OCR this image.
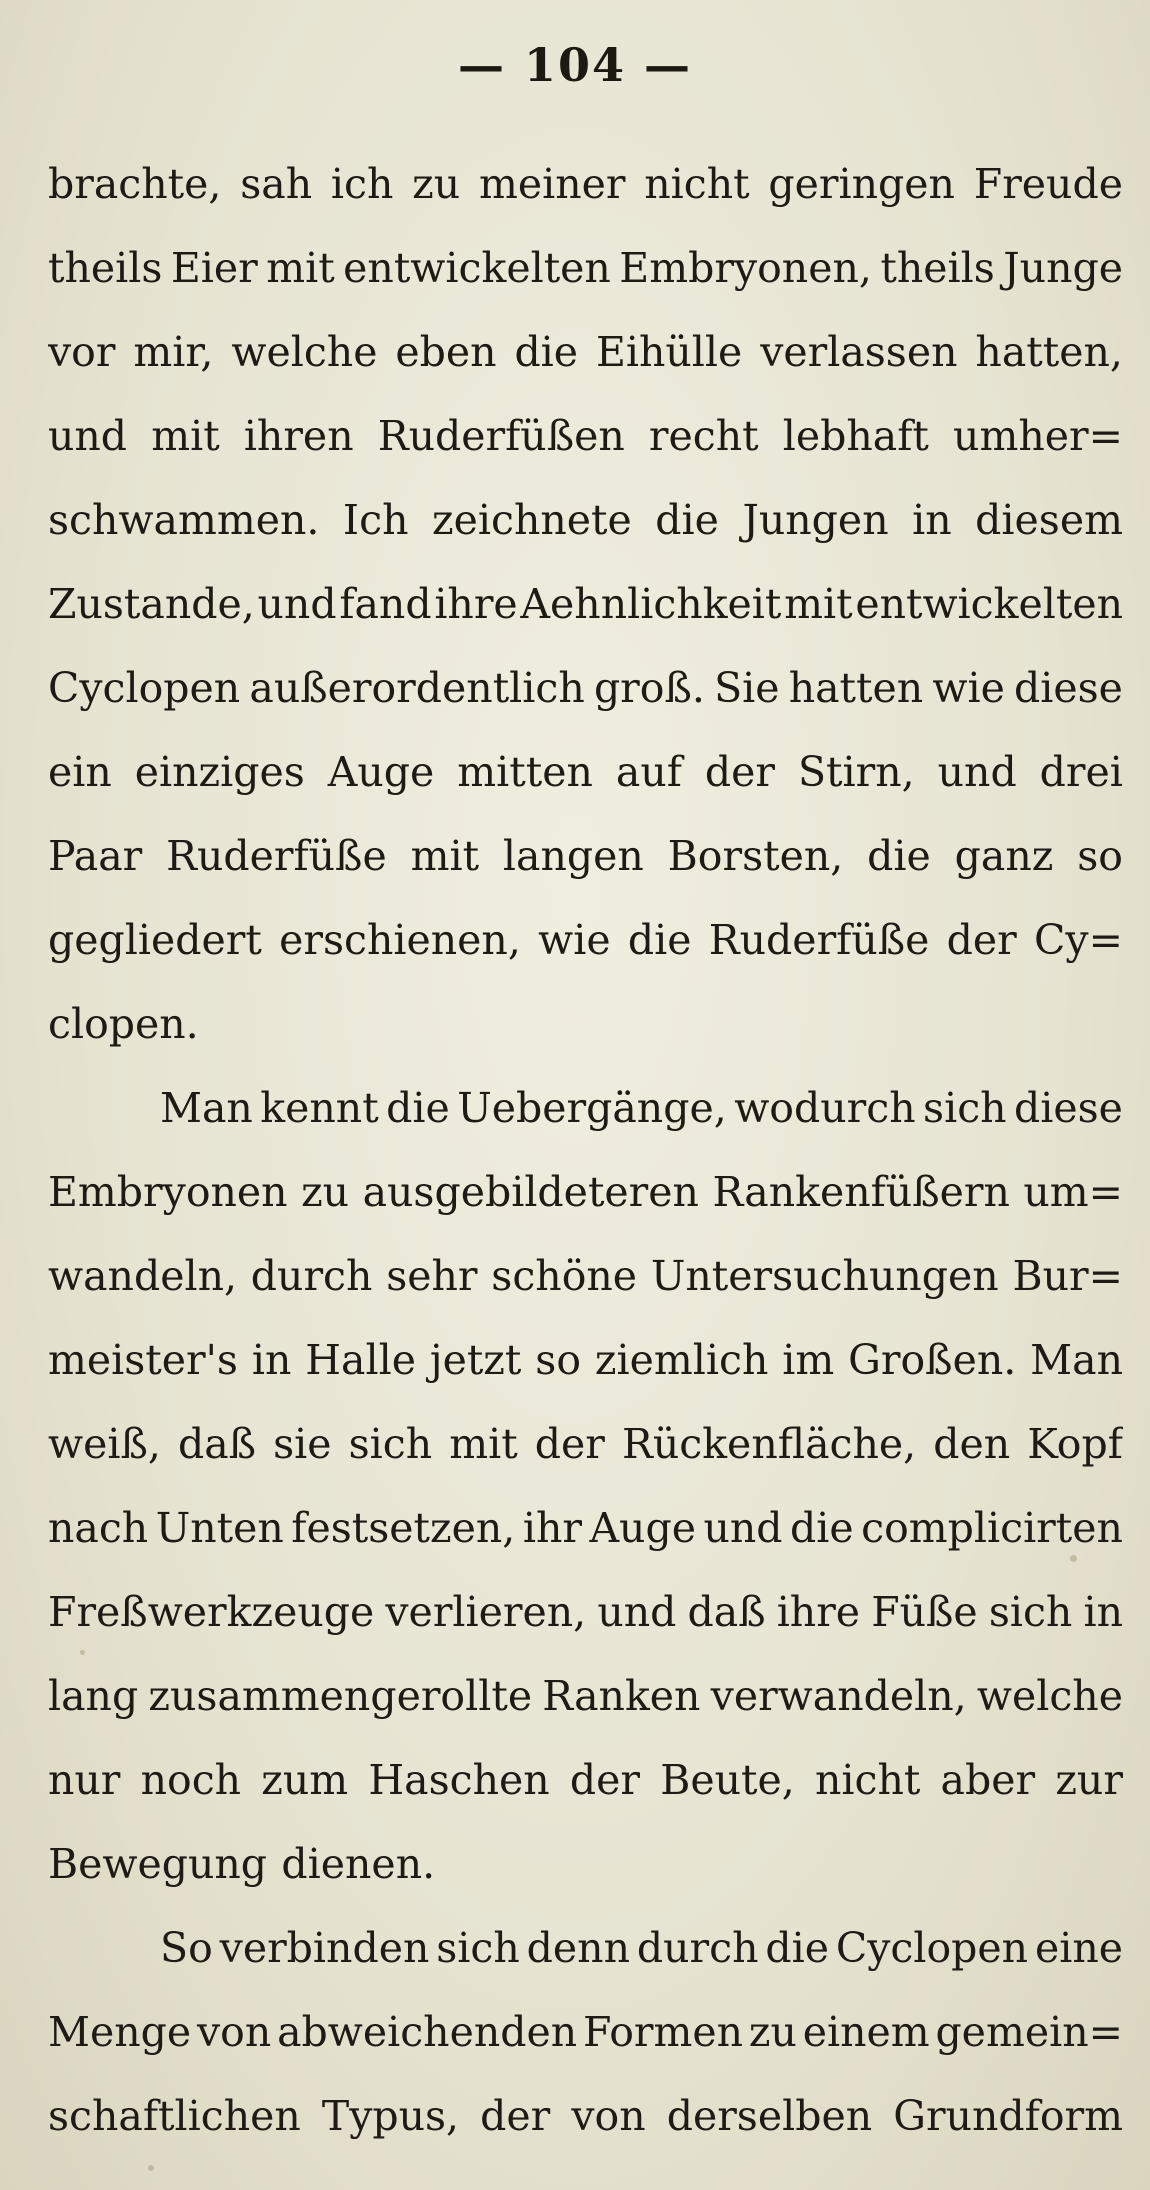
— 104 —
brachte, sah ich zu meiner nicht geringen Freude
theils Eier mit entwickelten Embryonen, theils Junge
vor mir, welche eben die Eihülle verlassen hatten,
und mit ihren Ruderfüßen recht lebhaft umher=
schwammen. Ich zeichnete die Jungen in diesem
Zustande, und fand ihre Aehnlichkeit mit entwickelten
Cyclopen außerordentlich groß. Sie hatten wie diese
ein einziges Auge mitten auf der Stirn, und drei
Paar Ruderfüße mit langen Borsten, die ganz so
gegliedert erschienen, wie die Ruderfüße der Cy=
clopen.
Man kennt die Uebergänge, wodurch sich diese
Embryonen zu ausgebildeteren Rankenfüßern um=
wandeln, durch sehr schöne Untersuchungen Bur=
meister's in Halle jetzt so ziemlich im Großen. Man
weiß, daß sie sich mit der Rückenfläche, den Kopf
nach Unten festsetzen, ihr Auge und die complicirten
Freßwerkzeuge verlieren, und daß ihre Füße sich in
lang zusammengerollte Ranken verwandeln, welche
nur noch zum Haschen der Beute, nicht aber zur
Bewegung dienen.
So verbinden sich denn durch die Cyclopen eine
Menge von abweichenden Formen zu einem gemein=
schaftlichen Typus, der von derselben Grundform
